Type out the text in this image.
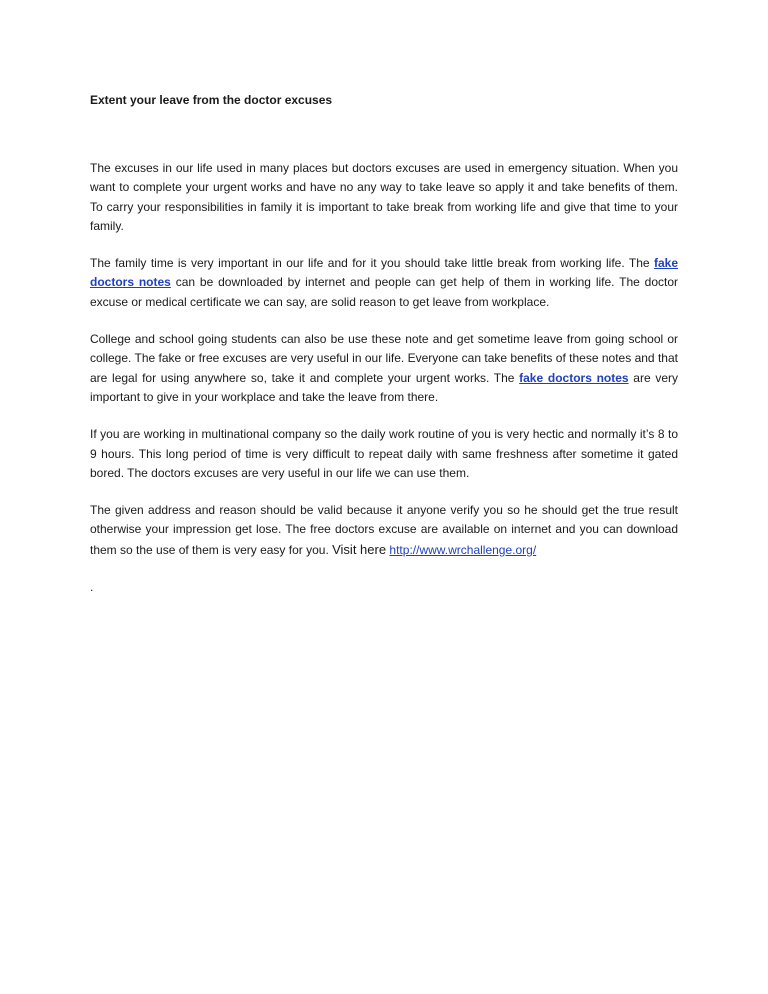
Extent your leave from the doctor excuses

The excuses in our life used in many places but doctors excuses are used in emergency situation. When you want to complete your urgent works and have no any way to take leave so apply it and take benefits of them. To carry your responsibilities in family it is important to take break from working life and give that time to your family.

The family time is very important in our life and for it you should take little break from working life. The fake doctors notes can be downloaded by internet and people can get help of them in working life. The doctor excuse or medical certificate we can say, are solid reason to get leave from workplace.

College and school going students can also be use these note and get sometime leave from going school or college. The fake or free excuses are very useful in our life. Everyone can take benefits of these notes and that are legal for using anywhere so, take it and complete your urgent works. The fake doctors notes are very important to give in your workplace and take the leave from there.

If you are working in multinational company so the daily work routine of you is very hectic and normally it’s 8 to 9 hours. This long period of time is very difficult to repeat daily with same freshness after sometime it gated bored. The doctors excuses are very useful in our life we can use them.

The given address and reason should be valid because it anyone verify you so he should get the true result otherwise your impression get lose. The free doctors excuse are available on internet and you can download them so the use of them is very easy for you. Visit here http://www.wrchallenge.org/

.
